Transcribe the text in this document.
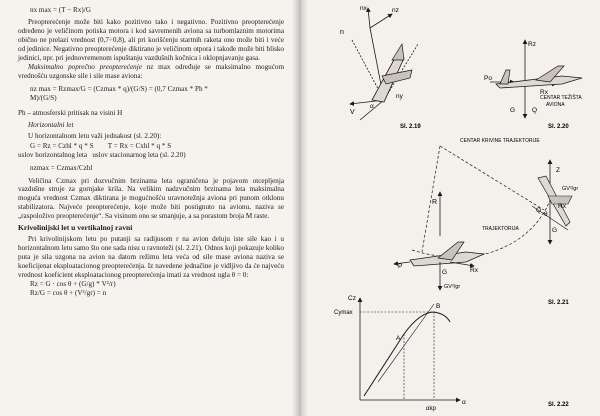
nx max = (T − Rx)/G

Preopterećenje može biti kako pozitivno tako i negativno. Pozitivno preopterećenje određeno je veličinom potiska motora i kod savremenih aviona sa turbomlaznim motorima obično ne prelazi vrednost (0,7÷0,8), ali pri korišćenju startnih raketa ono može biti i veće od jedinice. Negativno preopterećenje diktirano je veličinom otpora i takođe može biti blisko jedinici, npr. pri jednovremenom ispuštanju vazdušnih kočnica i oklopnjavanju gasa.

Maksimalno poprečno preopterećenje nz max određuje se maksimalno mogućom vrednošću uzgonske sile i sile mase aviona:

nz max = Rzmax/G = (Czmax * q)/(G/S) = (0,7 Czmax * Ph *
M)/(G/S)

Ph – atmosferski pritisak na visini H

Horizontalni let

U horizontalnom letu važi jednakost (sl. 2.20):

G = Rz = Czhl * q * S        T = Rx = Cxhl * q * S
uslov horizontalnog leta   uslov stacionarnog leta (sl. 2.20)
nzmax = Czmax/Czhl

Veličina Czmax pri dozvučnim brzinama leta ograničena je pojavom otcepljenja vazdušne struje za gornjake krila. Na velikim nadzvučnim brzinama leta maksimalna moguća vrednost Czmax diktirana je mogućnošću uravnotežnja aviona pri punom otklonu stabilizatora. Najveće preopterećenje, koje može biti postignuto na avionu, naziva se „raspoloživo preopterećenje“. Sa visinom ono se smanjuje, a sa porastom broja M raste.

Krivolinijski let u vertikalnoj ravni

Pri krivolinijskom letu po putanji sa radijusom r na avion deluju iste sile kao i u horizontalnom letu samo što one sada nisu u ravnoteži (sl. 2.21). Odnos koji pokazuje koliko puta je sila uzgona na avion na datom režimu leta veća od sile mase aviona naziva se koeficijenat eksploatacionog preopterećenja. Iz navedene jednačine je vidljivo da će najveću vrednost koeficient eksploatacionog preopterećenja imati za vrednost ugla θ = 0:

Rz = G · cos θ + (G/g) * V²/r)
Rz/G = cos θ + (V²/gr) = n
n
nz
nx
V
ny
α
Sl. 2.19
Rz
Po
Rx
G	Q
CENTAR TEŽIŠTA
AVIONA
Sl. 2.20
CENTAR KRIVINE TRAJEKTORIJE
R
Z
GV²/gr
TRAJEKTORIJA
Rx
Q
G
θ
P
Rx
G
GV²/gr
Sl. 2.21
Cz
Cymax
B
A
α
αkp
Sl. 2.22
